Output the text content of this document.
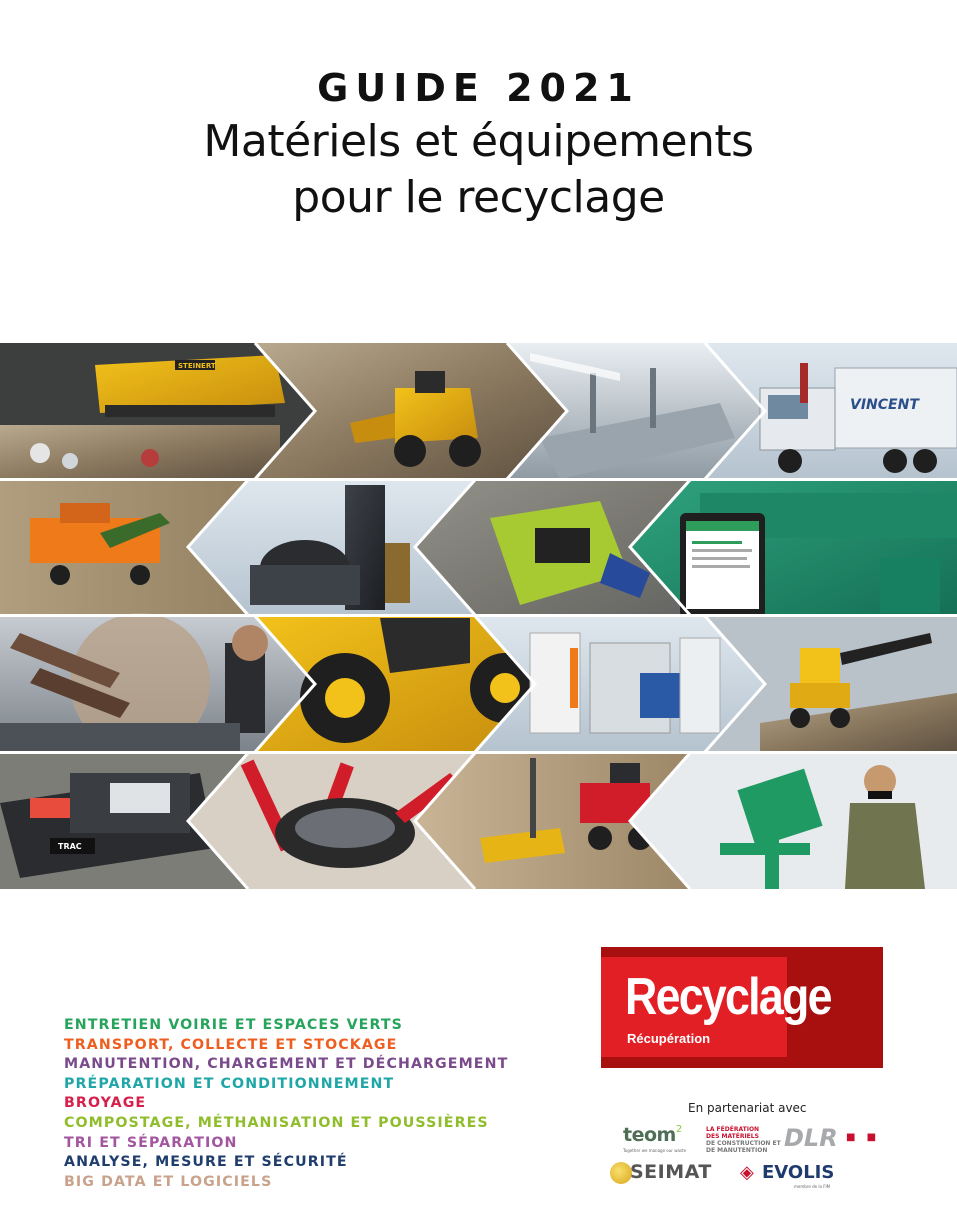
GUIDE 2021
Matériels et équipements
pour le recyclage
STEINERT
VINCENT
TRAC
ENTRETIEN VOIRIE ET ESPACES VERTS
TRANSPORT, COLLECTE ET STOCKAGE
MANUTENTION, CHARGEMENT ET DÉCHARGEMENT
PRÉPARATION ET CONDITIONNEMENT
BROYAGE
COMPOSTAGE, MÉTHANISATION ET POUSSIÈRES
TRI ET SÉPARATION
ANALYSE, MESURE ET SÉCURITÉ
BIG DATA ET LOGICIELS
Recyclage
Récupération
En partenariat avec
teom$^2$
Together we manage our waste
LA FÉDÉRATION
DES MATÉRIELS
DE CONSTRUCTION ET
DE MANUTENTION DLR ■ ■
SEIMAT ◈ EVOLIS
membre de la FIM
